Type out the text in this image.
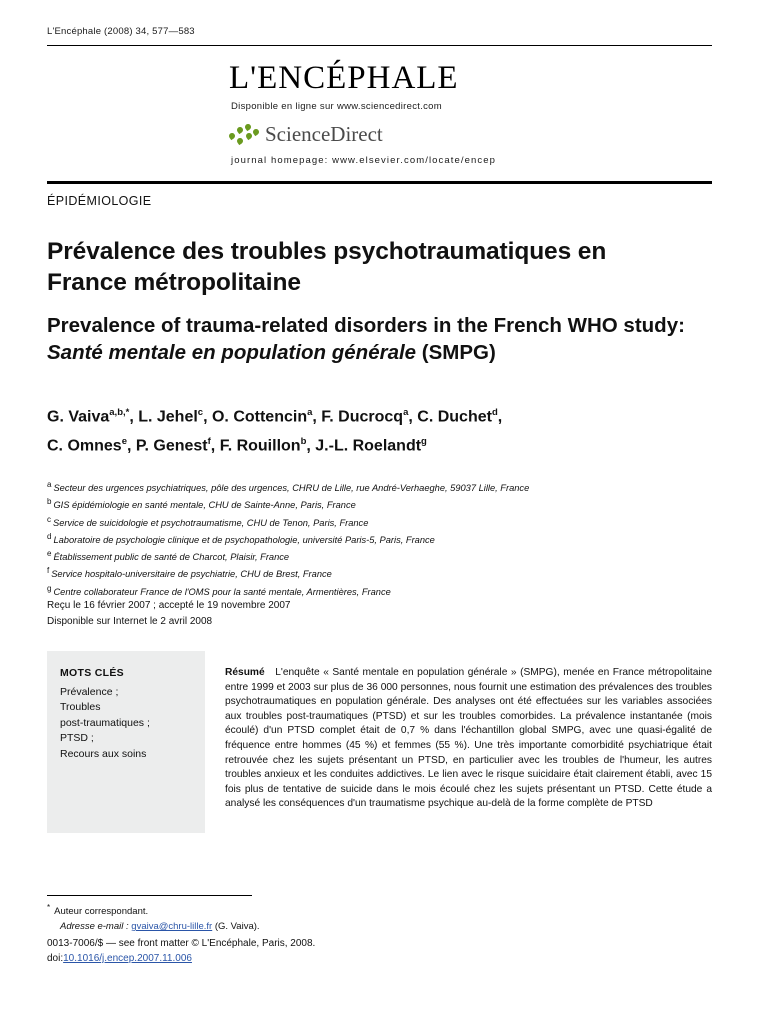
L'Encéphale (2008) 34, 577—583
L'ENCÉPHALE
Disponible en ligne sur www.sciencedirect.com
ScienceDirect
journal homepage: www.elsevier.com/locate/encep
ÉPIDÉMIOLOGIE
Prévalence des troubles psychotraumatiques en France métropolitaine
Prevalence of trauma-related disorders in the French WHO study: Santé mentale en population générale (SMPG)
G. Vaiva$^{a,b,*}$, L. Jehel$^c$, O. Cottencin$^a$, F. Ducrocq$^a$, C. Duchet$^d$,
C. Omnes$^e$, P. Genest$^f$, F. Rouillon$^b$, J.-L. Roelandt$^g$
a Secteur des urgences psychiatriques, pôle des urgences, CHRU de Lille, rue André-Verhaeghe, 59037 Lille, France
b GIS épidémiologie en santé mentale, CHU de Sainte-Anne, Paris, France
c Service de suicidologie et psychotraumatisme, CHU de Tenon, Paris, France
d Laboratoire de psychologie clinique et de psychopathologie, université Paris-5, Paris, France
e Établissement public de santé de Charcot, Plaisir, France
f Service hospitalo-universitaire de psychiatrie, CHU de Brest, France
g Centre collaborateur France de l'OMS pour la santé mentale, Armentières, France
Reçu le 16 février 2007 ; accepté le 19 novembre 2007
Disponible sur Internet le 2 avril 2008
MOTS CLÉS
Prévalence ;
Troubles
post-traumatiques ;
PTSD ;
Recours aux soins
Résumé L'enquête « Santé mentale en population générale » (SMPG), menée en France métropolitaine entre 1999 et 2003 sur plus de 36 000 personnes, nous fournit une estimation des prévalences des troubles psychotraumatiques en population générale. Des analyses ont été effectuées sur les variables associées aux troubles post-traumatiques (PTSD) et sur les troubles comorbides. La prévalence instantanée (mois écoulé) d'un PTSD complet était de 0,7 % dans l'échantillon global SMPG, avec une quasi-égalité de fréquence entre hommes (45 %) et femmes (55 %). Une très importante comorbidité psychiatrique était retrouvée chez les sujets présentant un PTSD, en particulier avec les troubles de l'humeur, les autres troubles anxieux et les conduites addictives. Le lien avec le risque suicidaire était clairement établi, avec 15 fois plus de tentative de suicide dans le mois écoulé chez les sujets présentant un PTSD. Cette étude a analysé les conséquences d'un traumatisme psychique au-delà de la forme complète de PTSD
* Auteur correspondant.
Adresse e-mail : gvaiva@chru-lille.fr (G. Vaiva).
0013-7006/$ — see front matter © L'Encéphale, Paris, 2008.
doi:10.1016/j.encep.2007.11.006
